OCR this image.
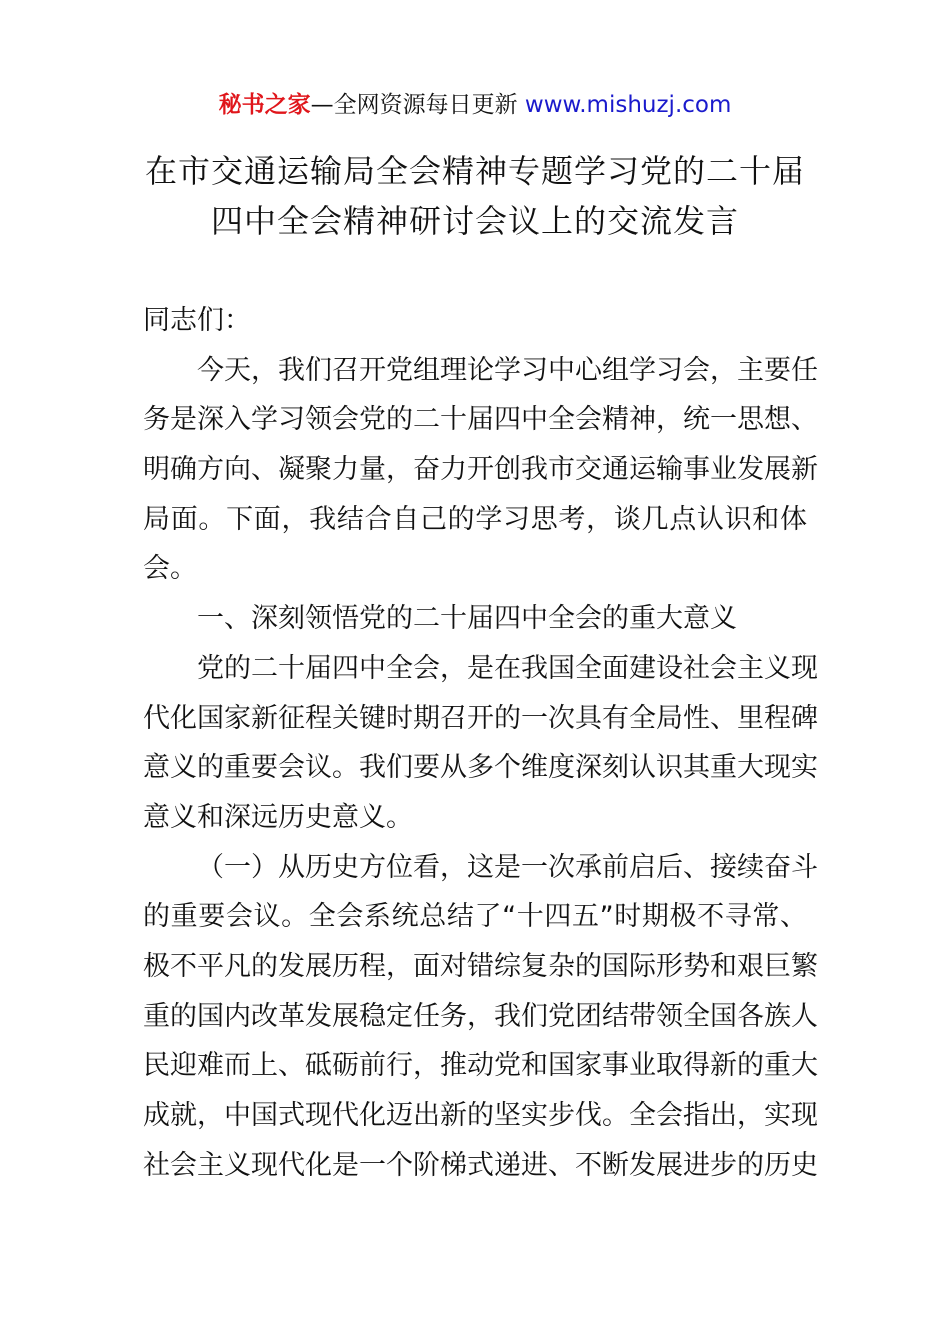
秘书之家—全网资源每日更新 www.mishuzj.com
在市交通运输局全会精神专题学习党的二十届
四中全会精神研讨会议上的交流发言
同志们：
今天，我们召开党组理论学习中心组学习会，主要任
务是深入学习领会党的二十届四中全会精神，统一思想、
明确方向、凝聚力量，奋力开创我市交通运输事业发展新
局面。下面，我结合自己的学习思考，谈几点认识和体
会。
一、深刻领悟党的二十届四中全会的重大意义
党的二十届四中全会，是在我国全面建设社会主义现
代化国家新征程关键时期召开的一次具有全局性、里程碑
意义的重要会议。我们要从多个维度深刻认识其重大现实
意义和深远历史意义。
（一）从历史方位看，这是一次承前启后、接续奋斗
的重要会议。全会系统总结了“十四五”时期极不寻常、
极不平凡的发展历程，面对错综复杂的国际形势和艰巨繁
重的国内改革发展稳定任务，我们党团结带领全国各族人
民迎难而上、砥砺前行，推动党和国家事业取得新的重大
成就，中国式现代化迈出新的坚实步伐。全会指出，实现
社会主义现代化是一个阶梯式递进、不断发展进步的历史
